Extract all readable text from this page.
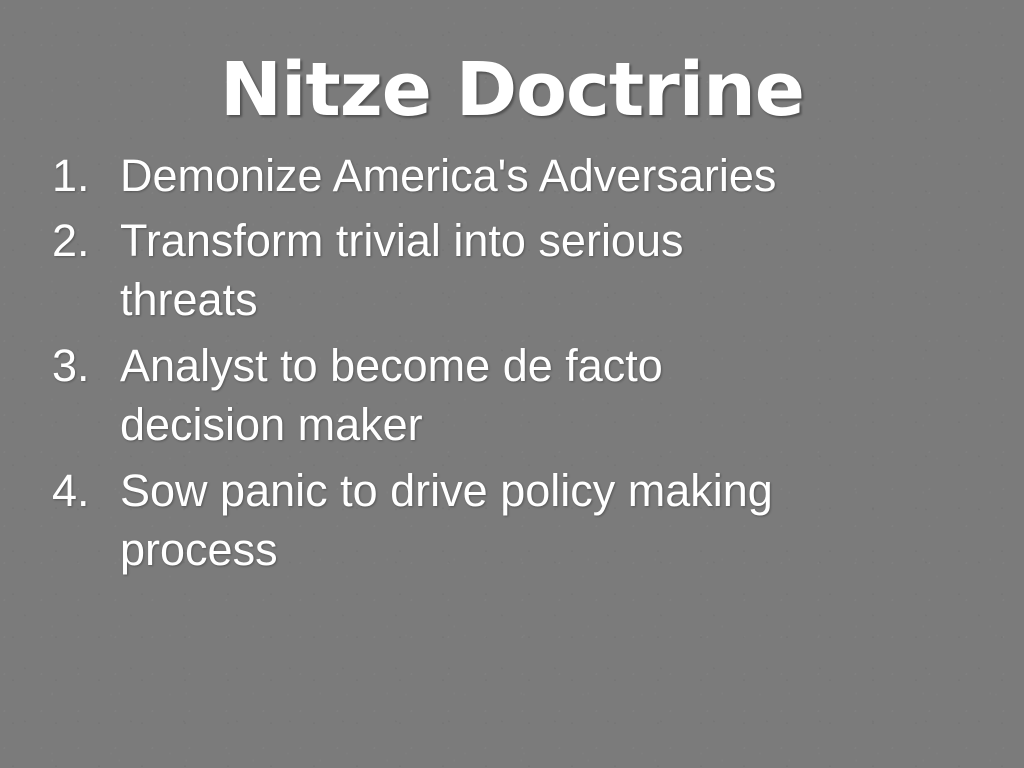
Nitze Doctrine
1. Demonize America's Adversaries
2. Transform trivial into serious threats
3. Analyst to become de facto decision maker
4. Sow panic to drive policy making process
